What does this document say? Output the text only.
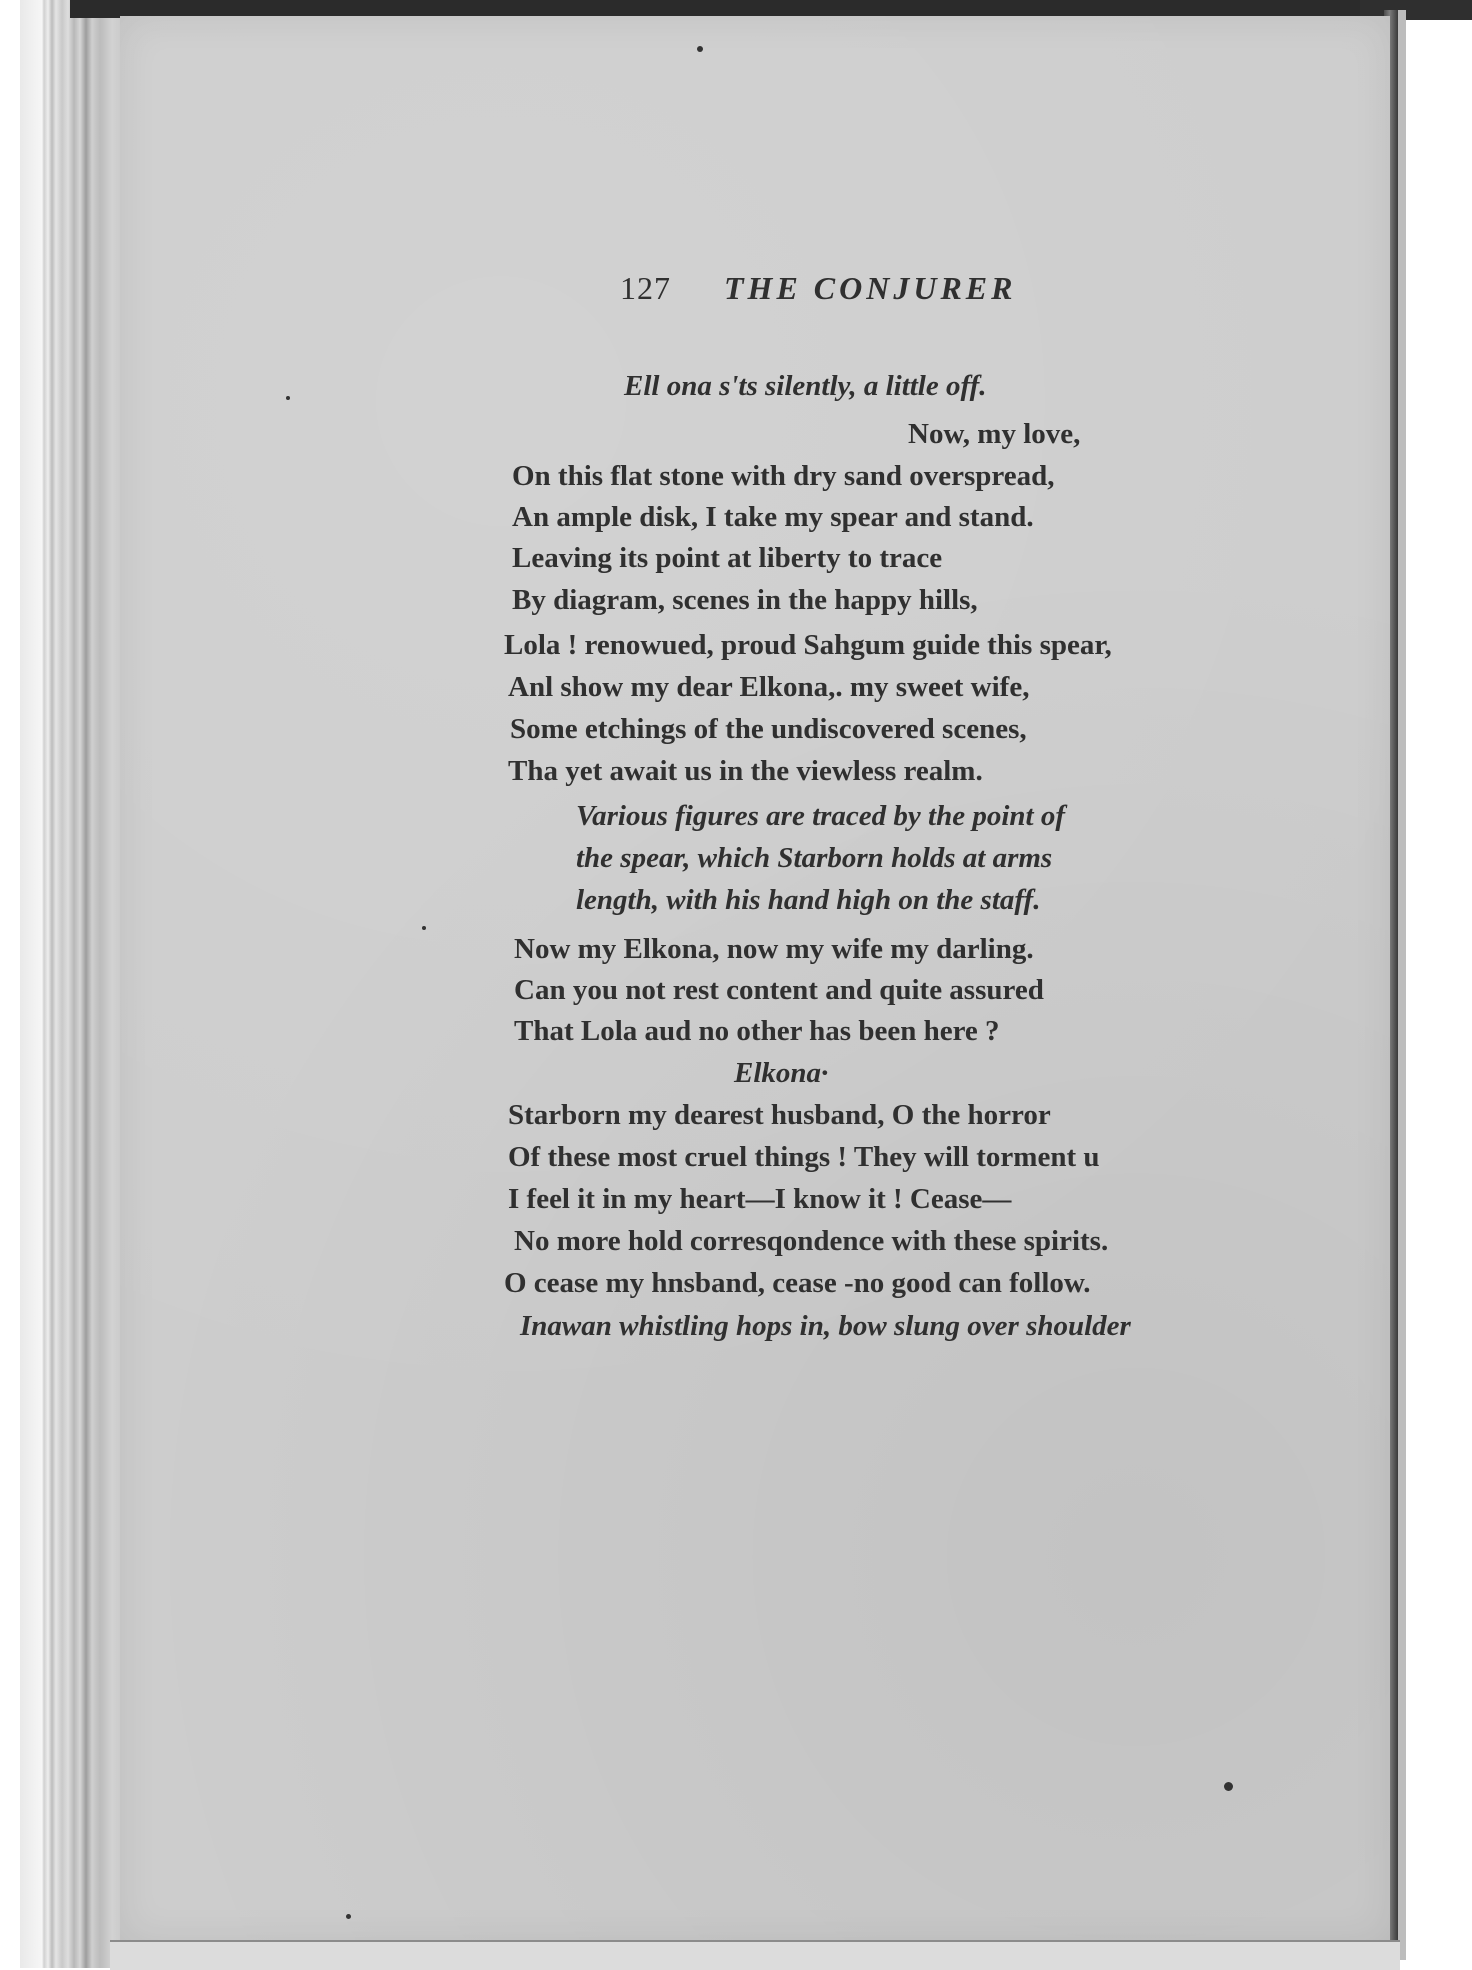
127 THE CONJURER
Ell ona s'ts silently, a little off.
Now, my love,
On this flat stone with dry sand overspread,
An ample disk, I take my spear and stand.
Leaving its point at liberty to trace
By diagram, scenes in the happy hills,
Lola ! renowued, proud Sahgum guide this spear,
Anl show my dear Elkona,. my sweet wife,
Some etchings of the undiscovered scenes,
Tha yet await us in the viewless realm.
Various figures are traced by the point of
the spear, which Starborn holds at arms
length, with his hand high on the staff.
Now my Elkona, now my wife my darling.
Can you not rest content and quite assured
That Lola aud no other has been here ?
Elkona·
Starborn my dearest husband, O the horror
Of these most cruel things ! They will torment u
I feel it in my heart—I know it ! Cease—
No more hold corresqondence with these spirits.
O cease my hnsband, cease -no good can follow.
Inawan whistling hops in, bow slung over shoulder
